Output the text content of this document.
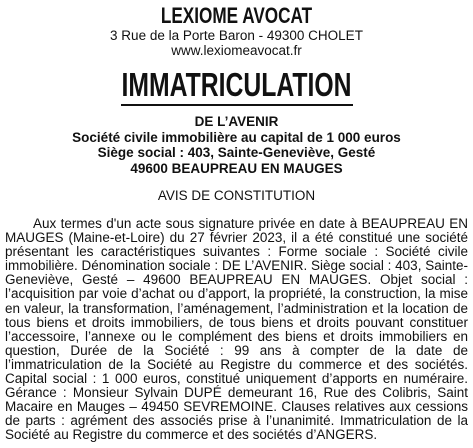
LEXIOME AVOCAT
3 Rue de la Porte Baron - 49300 CHOLET
www.lexiomeavocat.fr
IMMATRICULATION
DE L’AVENIR
Société civile immobilière au capital de 1 000 euros
Siège social : 403, Sainte-Geneviève, Gesté
49600 BEAUPREAU EN MAUGES
AVIS DE CONSTITUTION
Aux termes d'un acte sous signature privée en date à BEAUPREAU EN MAUGES (Maine-et-Loire) du 27 février 2023, il a été constitué une société présentant les caractéristiques suivantes : Forme sociale : Société civile immobilière. Dénomination sociale : DE L’AVENIR. Siège social : 403, Sainte-Geneviève, Gesté – 49600 BEAUPREAU EN MAUGES. Objet social : l’acquisition par voie d’achat ou d’apport, la propriété, la construction, la mise en valeur, la transformation, l’aménagement, l’administration et la location de tous biens et droits immobiliers, de tous biens et droits pouvant constituer l’accessoire, l’annexe ou le complément des biens et droits immobiliers en question, Durée de la Société : 99 ans à compter de la date de l’immatriculation de la Société au Registre du commerce et des sociétés. Capital social : 1 000 euros, constitué uniquement d’apports en numéraire. Gérance : Monsieur Sylvain DUPÉ demeurant 16, Rue des Colibris, Saint Macaire en Mauges – 49450 SEVREMOINE. Clauses relatives aux cessions de parts : agrément des associés prise à l’unanimité. Immatriculation de la Société au Registre du commerce et des sociétés d’ANGERS.
